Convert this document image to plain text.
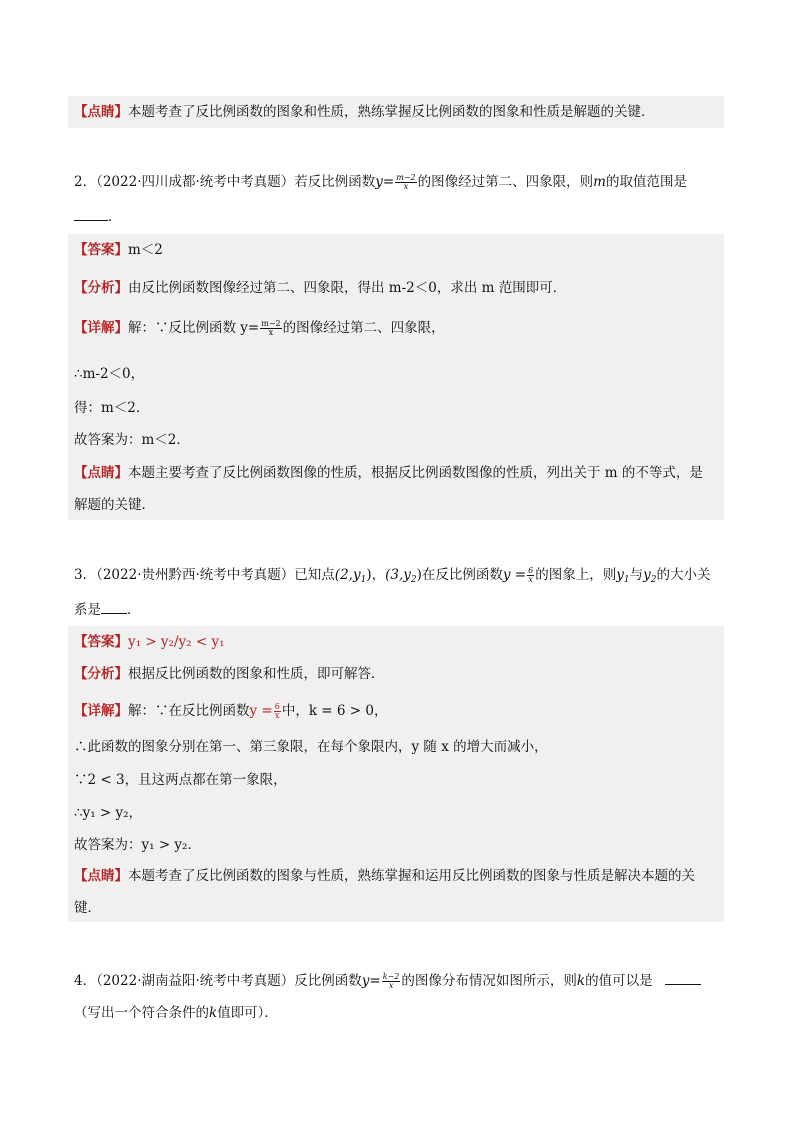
【点睛】本题考查了反比例函数的图象和性质，熟练掌握反比例函数的图象和性质是解题的关键．
2．（2022·四川成都·统考中考真题）若反比例函数$y= \frac{m-2}{x}$ 的图像经过第二、四象限，则m的取值范围是
．
【答案】m＜2
【分析】由反比例函数图像经过第二、四象限，得出 m-2＜0，求出 m 范围即可．
【详解】解：∵反比例函数 $y= \frac{m-2}{x}$ 的图像经过第二、四象限，
∴m-2＜0，
得：m＜2．
故答案为：m＜2．
【点睛】本题主要考查了反比例函数图像的性质，根据反比例函数图像的性质，列出关于 m 的不等式，是
解题的关键．
3．（2022·贵州黔西·统考中考真题）已知点$(2,y_1)$，$(3,y_2)$在反比例函数$y = \frac{6}{x}$ 的图象上，则$y_1$与$y_2$的大小关
系是 ．
【答案】y₁ > y₂/y₂ < y₁
【分析】根据反比例函数的图象和性质，即可解答．
【详解】解：∵在反比例函数$y = \frac{6}{x}$ 中，k = 6 > 0，
∴此函数的图象分别在第一、第三象限，在每个象限内，y 随 x 的增大而减小，
∵2 < 3，且这两点都在第一象限，
∴y₁ > y₂，
故答案为：y₁ > y₂．
【点睛】本题考查了反比例函数的图象与性质，熟练掌握和运用反比例函数的图象与性质是解决本题的关
键．
4．（2022·湖南益阳·统考中考真题）反比例函数$y= \frac{k-2}{x}$ 的图像分布情况如图所示，则k的值可以是
（写出一个符合条件的k值即可）．
